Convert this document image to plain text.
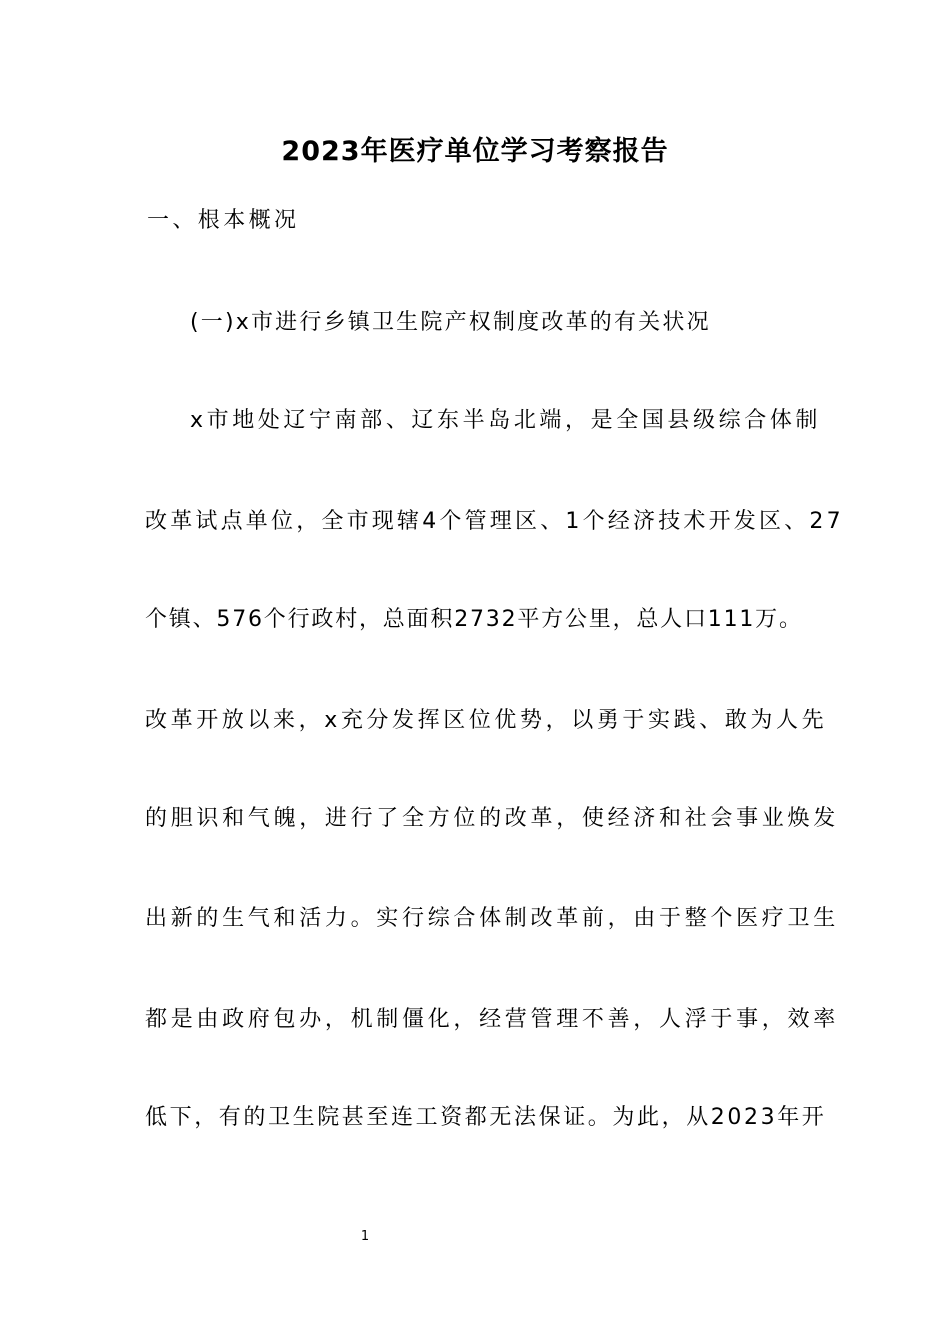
2023年医疗单位学习考察报告
一、根本概况
(一)x市进行乡镇卫生院产权制度改革的有关状况
x市地处辽宁南部、辽东半岛北端，是全国县级综合体制
改革试点单位，全市现辖4个管理区、1个经济技术开发区、27
个镇、576个行政村，总面积2732平方公里，总人口111万。
改革开放以来，x充分发挥区位优势，以勇于实践、敢为人先
的胆识和气魄，进行了全方位的改革，使经济和社会事业焕发
出新的生气和活力。实行综合体制改革前，由于整个医疗卫生
都是由政府包办，机制僵化，经营管理不善，人浮于事，效率
低下，有的卫生院甚至连工资都无法保证。为此，从2023年开
1
